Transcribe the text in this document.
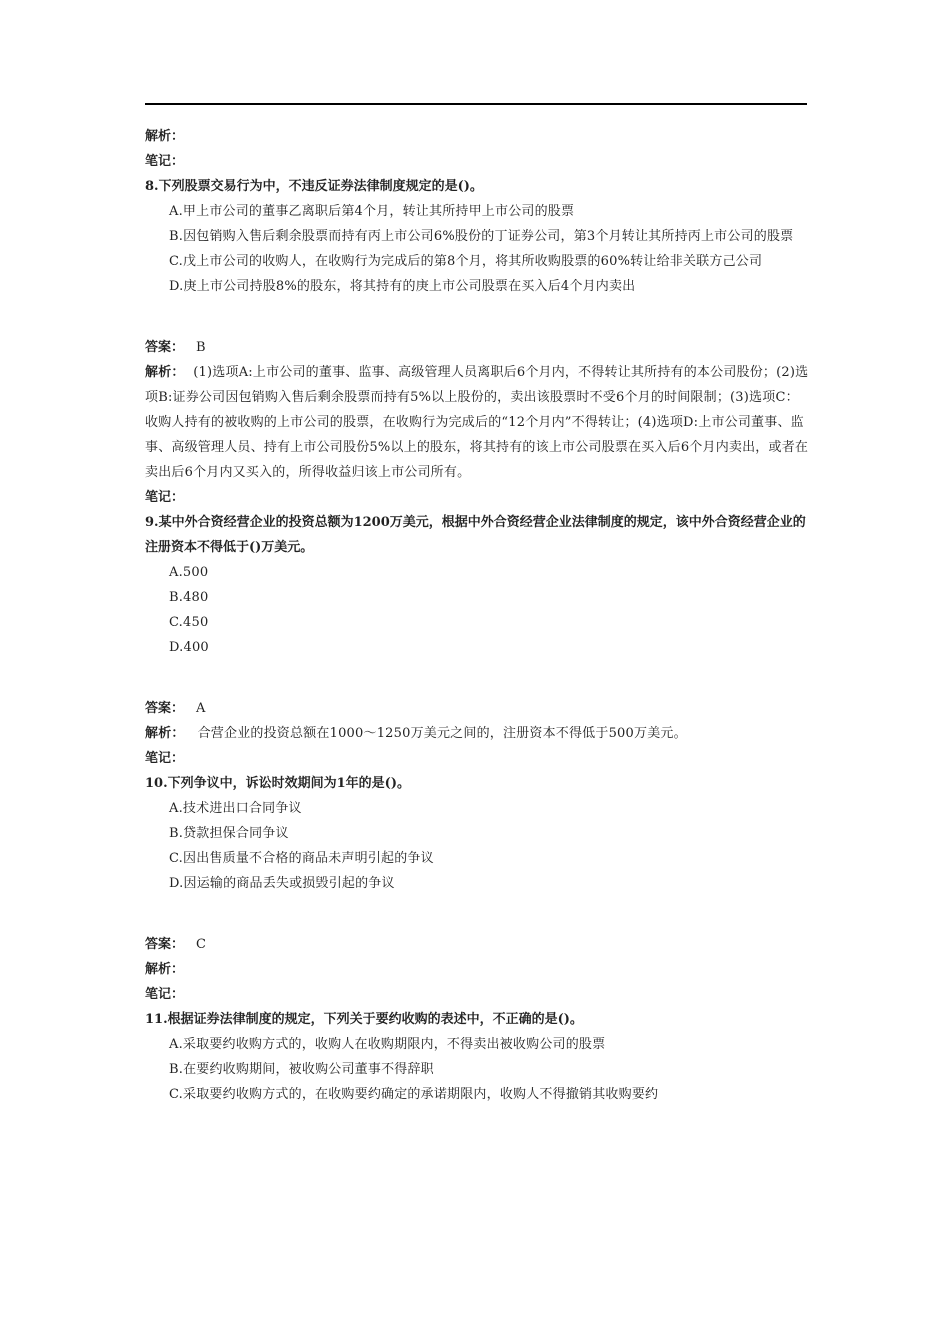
解析：
笔记：
8.下列股票交易行为中，不违反证券法律制度规定的是()。
A.甲上市公司的董事乙离职后第4个月，转让其所持甲上市公司的股票
B.因包销购入售后剩余股票而持有丙上市公司6%股份的丁证券公司，第3个月转让其所持丙上市公司的股票
C.戊上市公司的收购人，在收购行为完成后的第8个月，将其所收购股票的60%转让给非关联方己公司
D.庚上市公司持股8%的股东，将其持有的庚上市公司股票在买入后4个月内卖出
答案： B
解析： (1)选项A:上市公司的董事、监事、高级管理人员离职后6个月内，不得转让其所持有的本公司股份；(2)选项B:证券公司因包销购入售后剩余股票而持有5%以上股份的，卖出该股票时不受6个月的时间限制；(3)选项C：收购人持有的被收购的上市公司的股票，在收购行为完成后的“12个月内”不得转让；(4)选项D:上市公司董事、监事、高级管理人员、持有上市公司股份5%以上的股东，将其持有的该上市公司股票在买入后6个月内卖出，或者在卖出后6个月内又买入的，所得收益归该上市公司所有。
笔记：
9.某中外合资经营企业的投资总额为1200万美元，根据中外合资经营企业法律制度的规定，该中外合资经营企业的注册资本不得低于()万美元。
A.500
B.480
C.450
D.400
答案： A
解析： 合营企业的投资总额在1000～1250万美元之间的，注册资本不得低于500万美元。
笔记：
10.下列争议中，诉讼时效期间为1年的是()。
A.技术进出口合同争议
B.贷款担保合同争议
C.因出售质量不合格的商品未声明引起的争议
D.因运输的商品丢失或损毁引起的争议
答案： C
解析：
笔记：
11.根据证券法律制度的规定，下列关于要约收购的表述中，不正确的是()。
A.采取要约收购方式的，收购人在收购期限内，不得卖出被收购公司的股票
B.在要约收购期间，被收购公司董事不得辞职
C.采取要约收购方式的，在收购要约确定的承诺期限内，收购人不得撤销其收购要约
